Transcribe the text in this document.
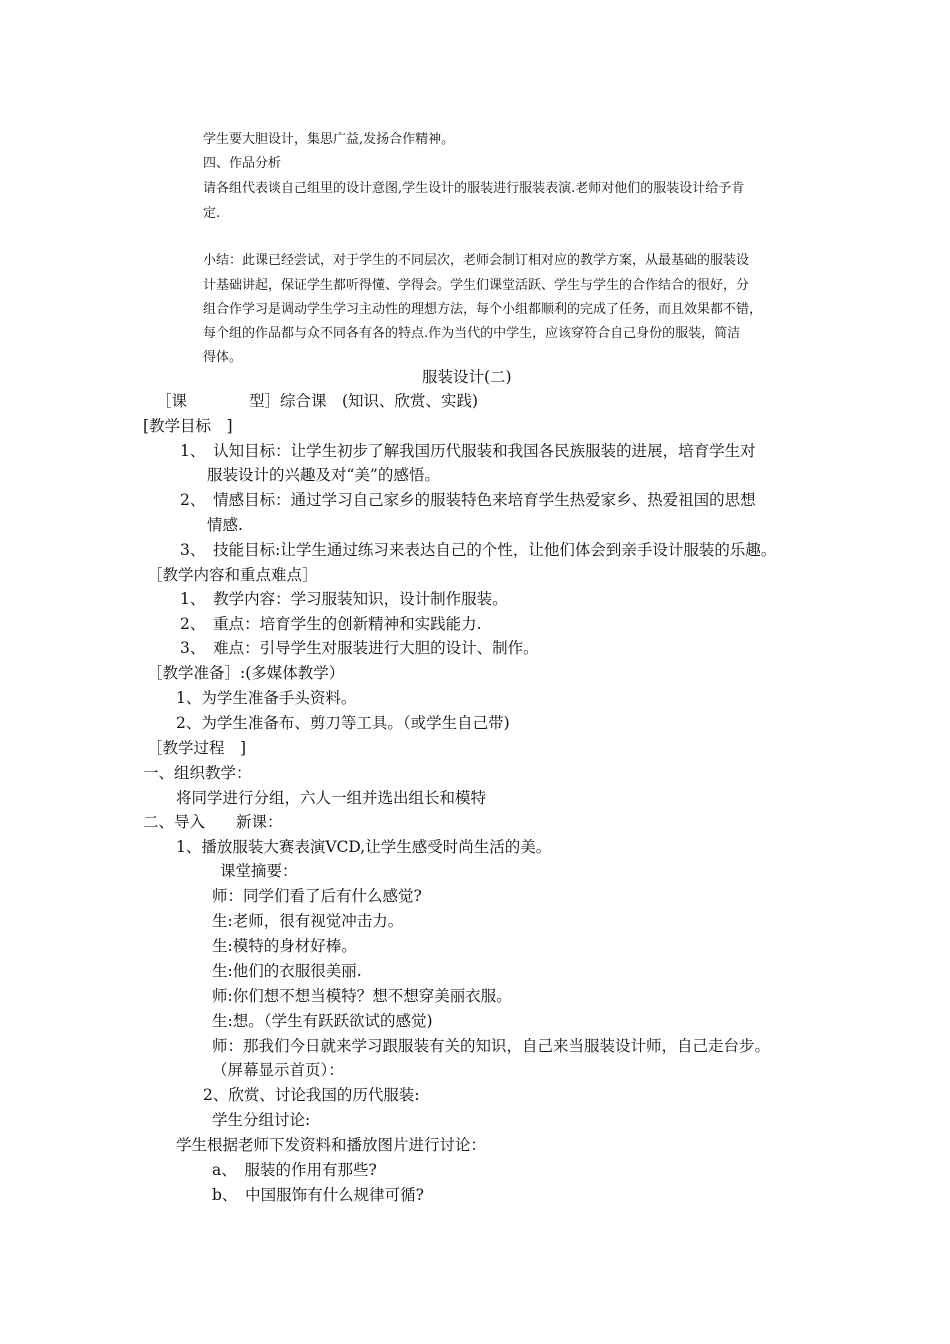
学生要大胆设计，集思广益,发扬合作精神。
四、作品分析
请各组代表谈自己组里的设计意图,学生设计的服装进行服装表演.老师对他们的服装设计给予肯
定.
小结：此课已经尝试，对于学生的不同层次，老师会制订相对应的教学方案，从最基础的服装设
计基础讲起，保证学生都听得懂、学得会。学生们课堂活跃、学生与学生的合作结合的很好，分
组合作学习是调动学生学习主动性的理想方法，每个小组都顺利的完成了任务，而且效果都不错，
每个组的作品都与众不同各有各的特点.作为当代的中学生，应该穿符合自己身份的服装，简洁
得体。
服装设计(二)
［课　　　　型］综合课　(知识、欣赏、实践)
[教学目标　]
1、　认知目标：让学生初步了解我国历代服装和我国各民族服装的进展，培育学生对
服装设计的兴趣及对“美”的感悟。
2、　情感目标：通过学习自己家乡的服装特色来培育学生热爱家乡、热爱祖国的思想
情感.
3、　技能目标:让学生通过练习来表达自己的个性，让他们体会到亲手设计服装的乐趣。
［教学内容和重点难点］
1、　教学内容：学习服装知识，设计制作服装。
2、　重点：培育学生的创新精神和实践能力.
3、　难点：引导学生对服装进行大胆的设计、制作。
［教学准备］:(多媒体教学）
1、为学生准备手头资料。
2、为学生准备布、剪刀等工具。（或学生自己带)
［教学过程　]
一、组织教学：
将同学进行分组，六人一组并选出组长和模特
二、导入　　新课：
1、播放服装大赛表演VCD,让学生感受时尚生活的美。
课堂摘要：
师：同学们看了后有什么感觉?
生:老师，很有视觉冲击力。
生:模特的身材好棒。
生:他们的衣服很美丽.
师:你们想不想当模特？想不想穿美丽衣服。
生:想。（学生有跃跃欲试的感觉)
师：那我们今日就来学习跟服装有关的知识，自己来当服装设计师，自己走台步。
（屏幕显示首页）：
2、欣赏、讨论我国的历代服装:
学生分组讨论:
学生根据老师下发资料和播放图片进行讨论：
a、　服装的作用有那些?
b、　中国服饰有什么规律可循?
